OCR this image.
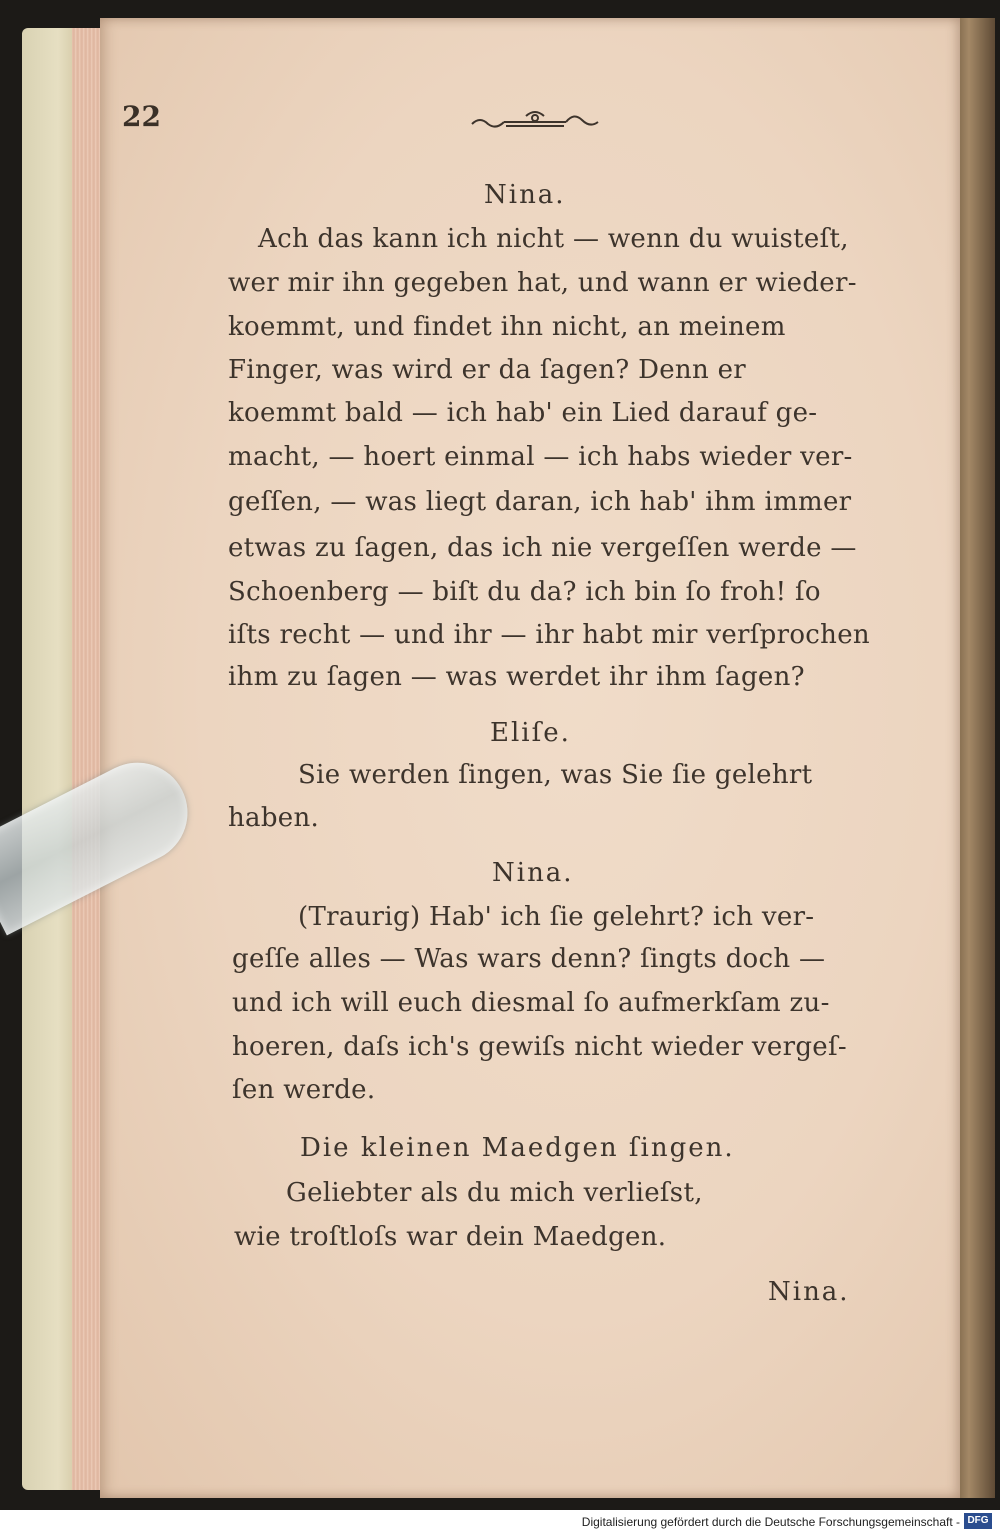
22
Nina.
Ach das kann ich nicht — wenn du wuisteſt,
wer mir ihn gegeben hat, und wann er wieder-
koemmt, und findet ihn nicht, an meinem
Finger, was wird er da ſagen? Denn er
koemmt bald — ich hab' ein Lied darauf ge-
macht, — hoert einmal — ich habs wieder ver-
geſſen, — was liegt daran, ich hab' ihm immer
etwas zu ſagen, das ich nie vergeſſen werde —
Schoenberg — biſt du da? ich bin ſo froh! ſo
iſts recht — und ihr — ihr habt mir verſprochen
ihm zu ſagen — was werdet ihr ihm ſagen?
Eliſe.
Sie werden ſingen, was Sie ſie gelehrt
haben.
Nina.
(Traurig) Hab' ich ſie gelehrt? ich ver-
geſſe alles — Was wars denn? ſingts doch —
und ich will euch diesmal ſo aufmerkſam zu-
hoeren, daſs ich's gewiſs nicht wieder vergeſ-
ſen werde.
Die kleinen Maedgen ſingen.
Geliebter als du mich verlieſst,
wie troſtloſs war dein Maedgen.
Nina.
Digitalisierung gefördert durch die Deutsche Forschungsgemeinschaft - DFG
